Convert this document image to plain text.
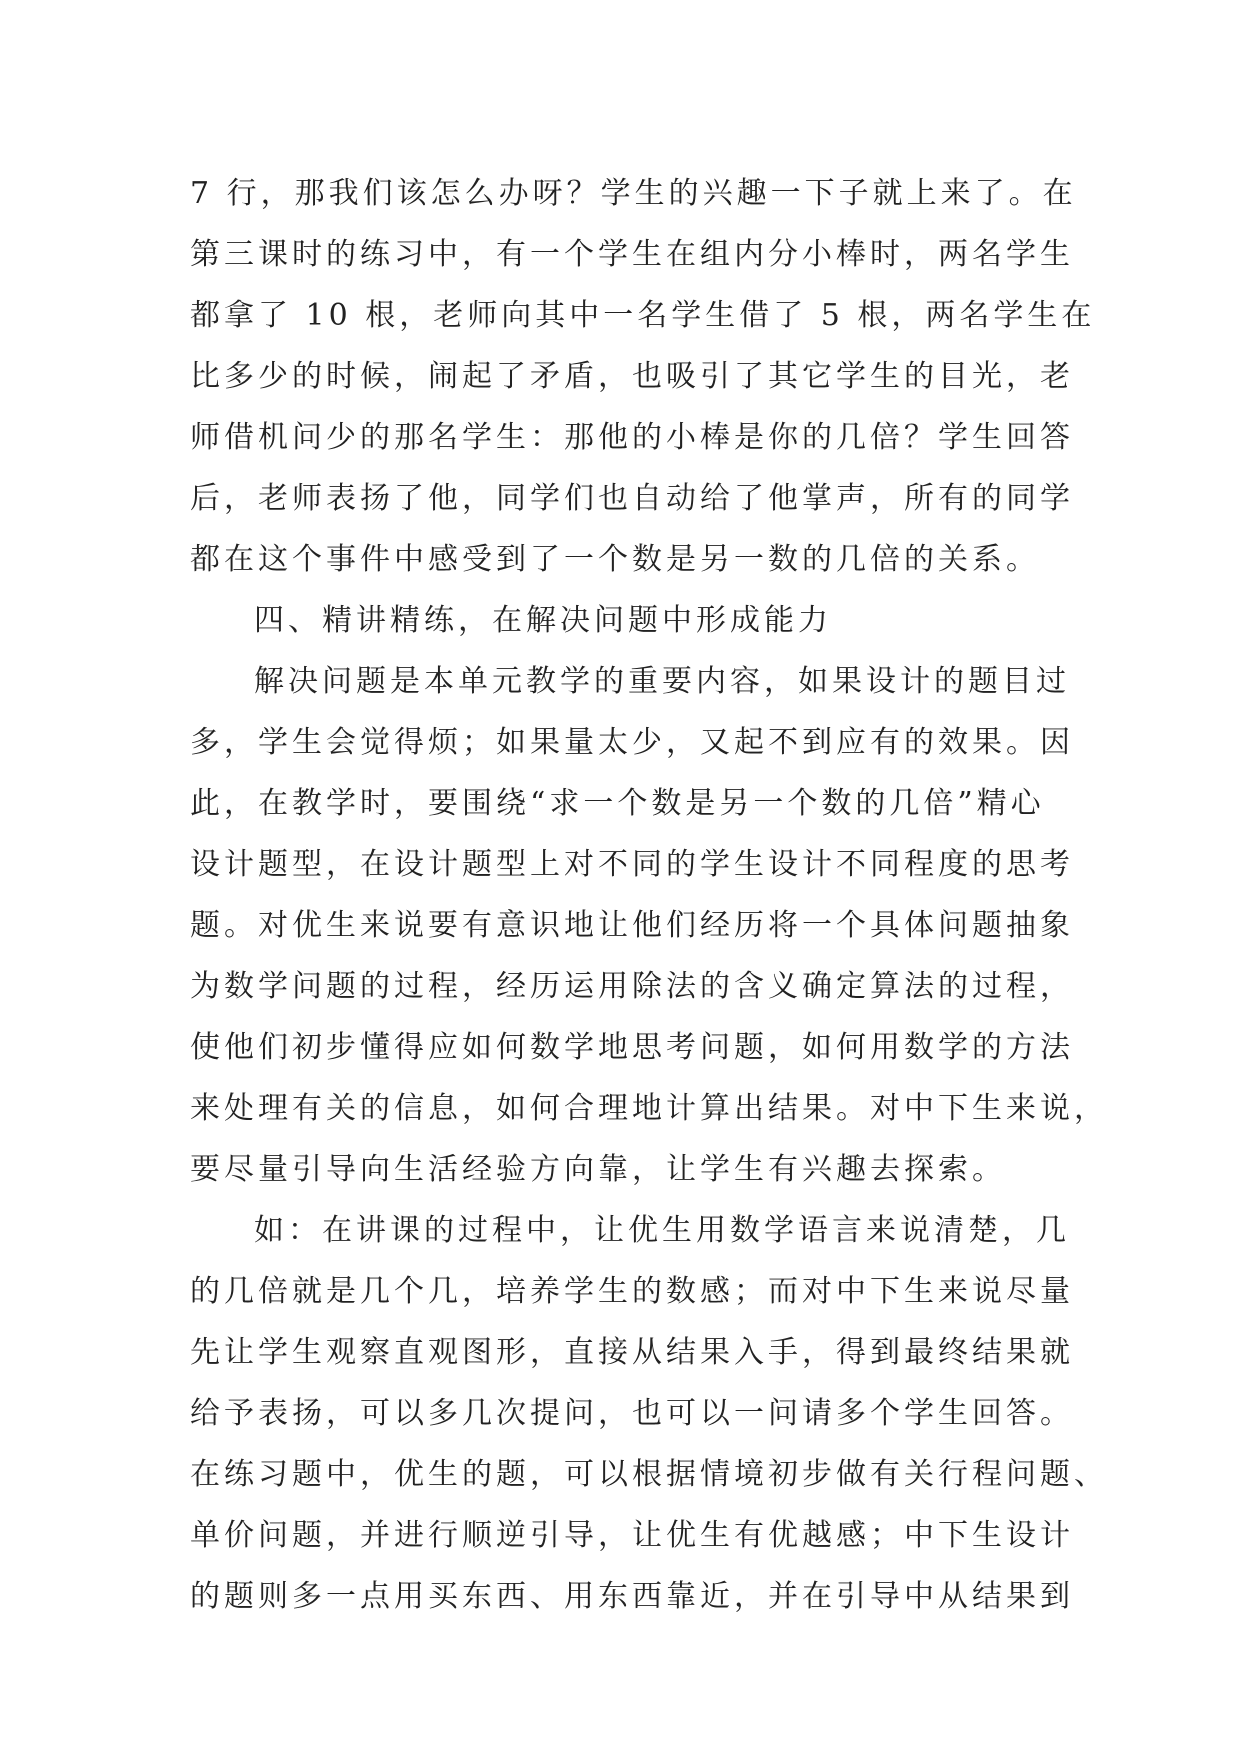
7 行，那我们该怎么办呀？学生的兴趣一下子就上来了。在

第三课时的练习中，有一个学生在组内分小棒时，两名学生

都拿了 10 根，老师向其中一名学生借了 5 根，两名学生在

比多少的时候，闹起了矛盾，也吸引了其它学生的目光，老

师借机问少的那名学生：那他的小棒是你的几倍？学生回答

后，老师表扬了他，同学们也自动给了他掌声，所有的同学

都在这个事件中感受到了一个数是另一数的几倍的关系。

四、精讲精练，在解决问题中形成能力

解决问题是本单元教学的重要内容，如果设计的题目过

多，学生会觉得烦；如果量太少，又起不到应有的效果。因

此，在教学时，要围绕“求一个数是另一个数的几倍”精心

设计题型，在设计题型上对不同的学生设计不同程度的思考

题。对优生来说要有意识地让他们经历将一个具体问题抽象

为数学问题的过程，经历运用除法的含义确定算法的过程，

使他们初步懂得应如何数学地思考问题，如何用数学的方法

来处理有关的信息，如何合理地计算出结果。对中下生来说，

要尽量引导向生活经验方向靠，让学生有兴趣去探索。

如：在讲课的过程中，让优生用数学语言来说清楚，几

的几倍就是几个几，培养学生的数感；而对中下生来说尽量

先让学生观察直观图形，直接从结果入手，得到最终结果就

给予表扬，可以多几次提问，也可以一问请多个学生回答。

在练习题中，优生的题，可以根据情境初步做有关行程问题、

单价问题，并进行顺逆引导，让优生有优越感；中下生设计

的题则多一点用买东西、用东西靠近，并在引导中从结果到
